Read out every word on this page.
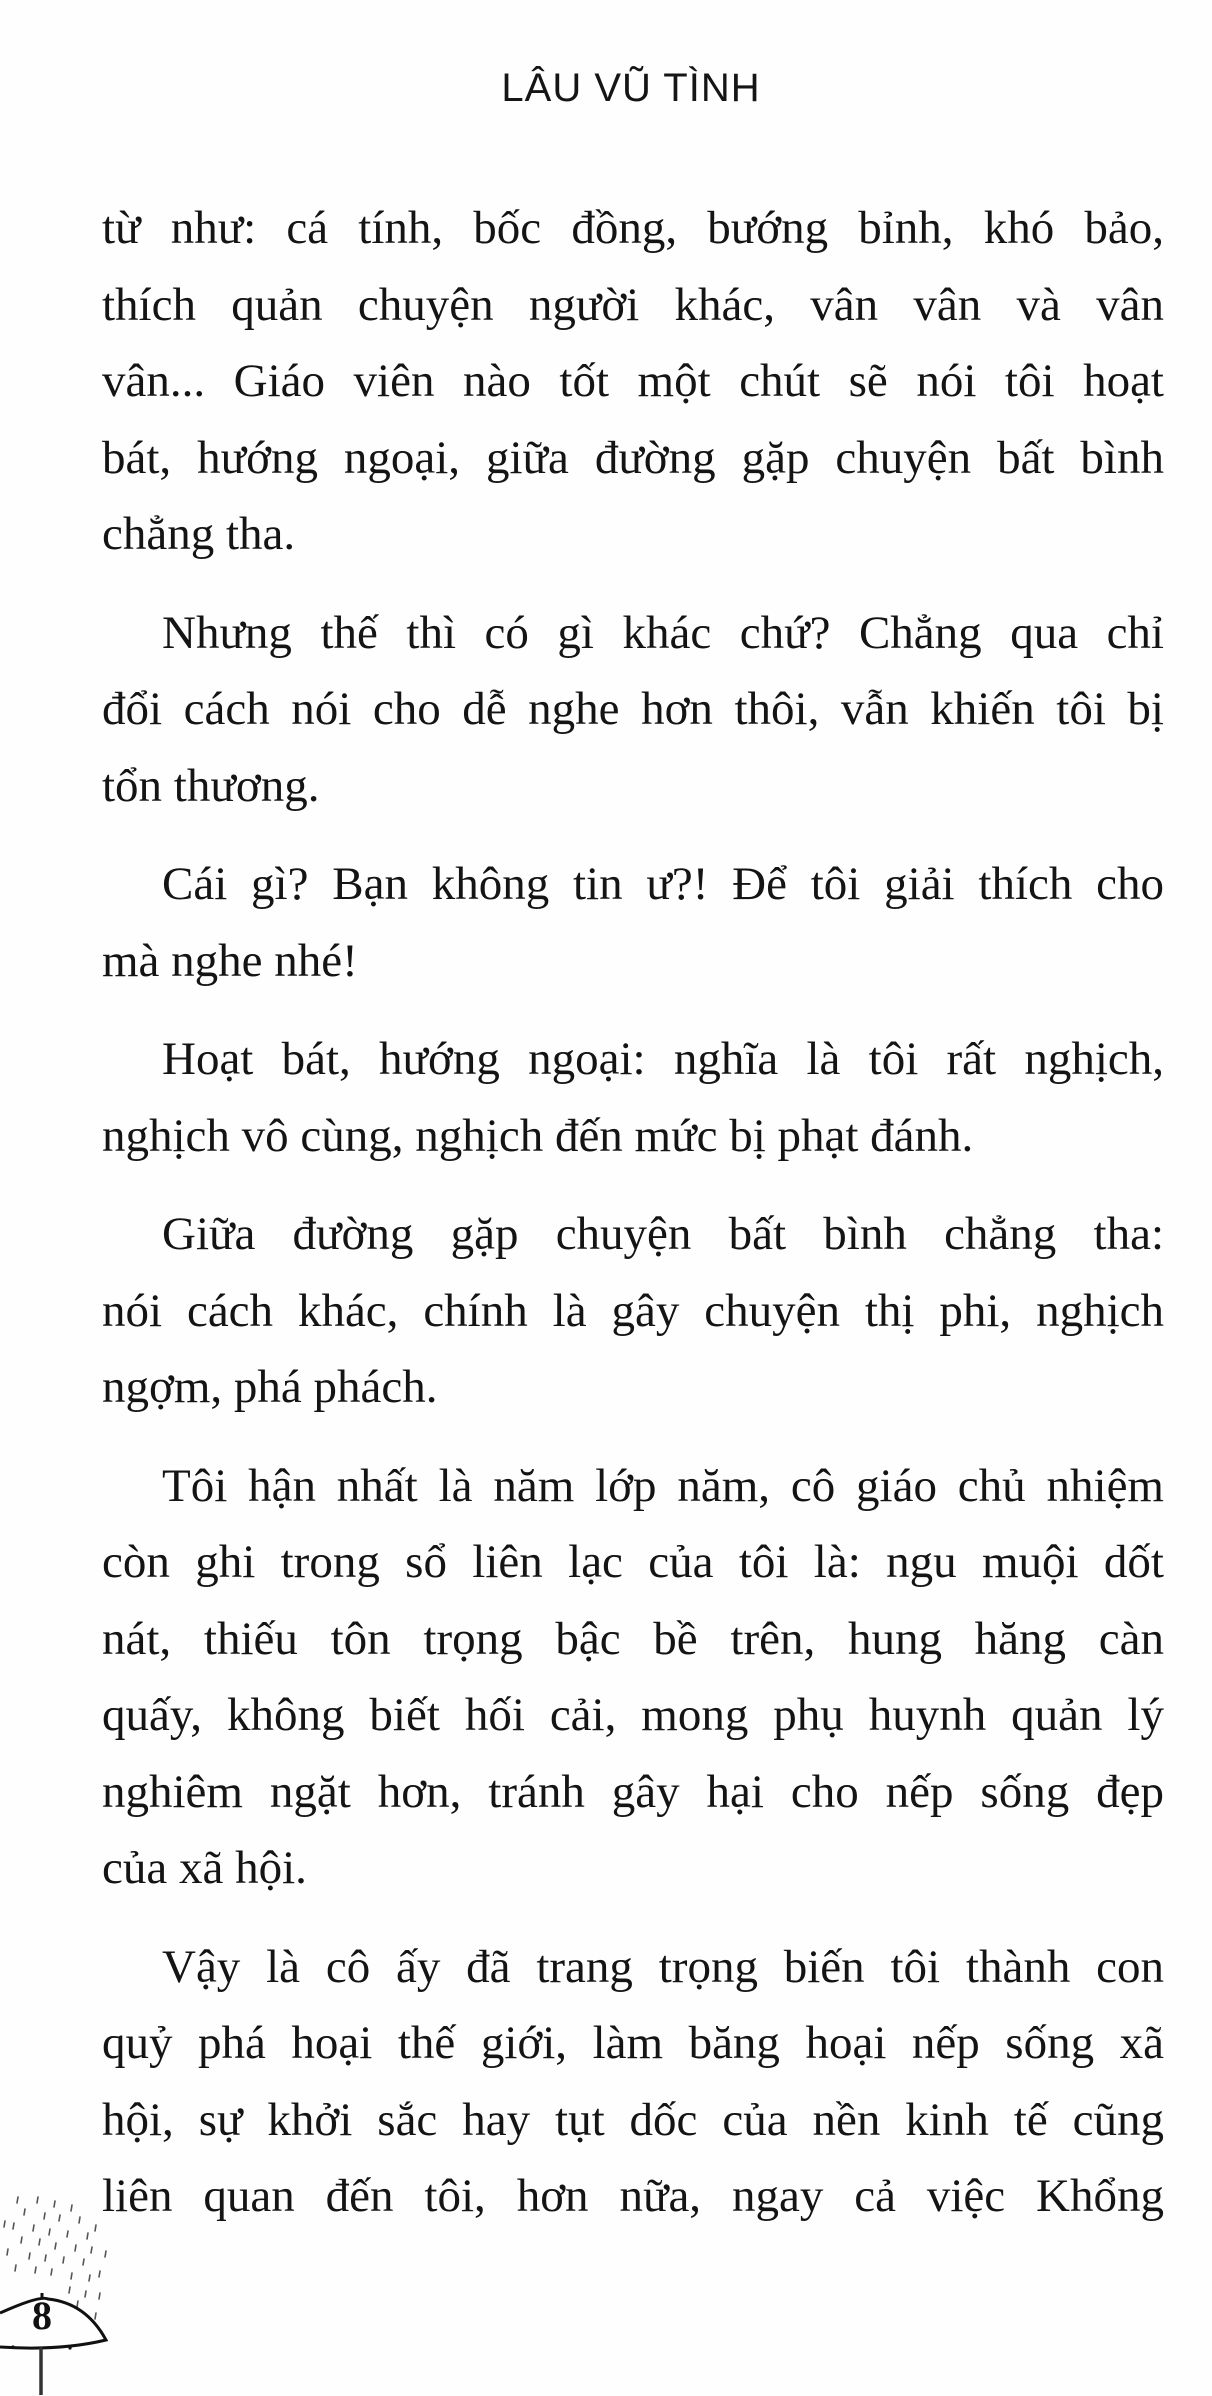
LÂU VŨ TÌNH
từ như: cá tính, bốc đồng, bướng bỉnh, khó bảo,
thích quản chuyện người khác, vân vân và vân
vân... Giáo viên nào tốt một chút sẽ nói tôi hoạt
bát, hướng ngoại, giữa đường gặp chuyện bất bình
chẳng tha.
Nhưng thế thì có gì khác chứ? Chẳng qua chỉ
đổi cách nói cho dễ nghe hơn thôi, vẫn khiến tôi bị
tổn thương.
Cái gì? Bạn không tin ư?! Để tôi giải thích cho
mà nghe nhé!
Hoạt bát, hướng ngoại: nghĩa là tôi rất nghịch,
nghịch vô cùng, nghịch đến mức bị phạt đánh.
Giữa đường gặp chuyện bất bình chẳng tha:
nói cách khác, chính là gây chuyện thị phi, nghịch
ngợm, phá phách.
Tôi hận nhất là năm lớp năm, cô giáo chủ nhiệm
còn ghi trong sổ liên lạc của tôi là: ngu muội dốt
nát, thiếu tôn trọng bậc bề trên, hung hăng càn
quấy, không biết hối cải, mong phụ huynh quản lý
nghiêm ngặt hơn, tránh gây hại cho nếp sống đẹp
của xã hội.
Vậy là cô ấy đã trang trọng biến tôi thành con
quỷ phá hoại thế giới, làm băng hoại nếp sống xã
hội, sự khởi sắc hay tụt dốc của nền kinh tế cũng
liên quan đến tôi, hơn nữa, ngay cả việc Khổng
8
